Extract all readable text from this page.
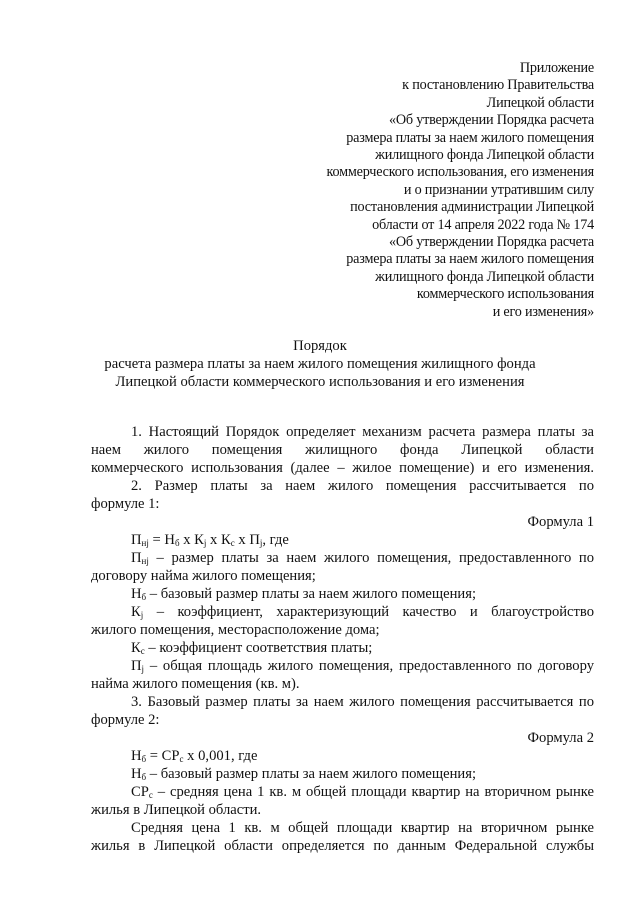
Приложение
к постановлению Правительства
Липецкой области
«Об утверждении Порядка расчета
размера платы за наем жилого помещения
жилищного фонда Липецкой области
коммерческого использования, его изменения
и о признании утратившим силу
постановления администрации Липецкой
области от 14 апреля 2022 года № 174
«Об утверждении Порядка расчета
размера платы за наем жилого помещения
жилищного фонда Липецкой области
коммерческого использования
и его изменения»
Порядок
расчета размера платы за наем жилого помещения жилищного фонда
Липецкой области коммерческого использования и его изменения
1. Настоящий Порядок определяет механизм расчета размера платы за
наем жилого помещения жилищного фонда Липецкой области
коммерческого использования (далее – жилое помещение) и его изменения.
2. Размер платы за наем жилого помещения рассчитывается по
формуле 1:
Формула 1
$П_{нj} = Н_б$ х $К_j$ х $К_с$ х $П_j$, где
$П_{нj}$ – размер платы за наем жилого помещения, предоставленного по
договору найма жилого помещения;
$Н_б$ – базовый размер платы за наем жилого помещения;
$К_j$ – коэффициент, характеризующий качество и благоустройство
жилого помещения, месторасположение дома;
$К_с$ – коэффициент соответствия платы;
$П_j$ – общая площадь жилого помещения, предоставленного по договору
найма жилого помещения (кв. м).
3. Базовый размер платы за наем жилого помещения рассчитывается по
формуле 2:
Формула 2
$Н_б = СР_с$ х 0,001, где
$Н_б$ – базовый размер платы за наем жилого помещения;
$СР_с$ – средняя цена 1 кв. м общей площади квартир на вторичном рынке
жилья в Липецкой области.
Средняя цена 1 кв. м общей площади квартир на вторичном рынке
жилья в Липецкой области определяется по данным Федеральной службы
